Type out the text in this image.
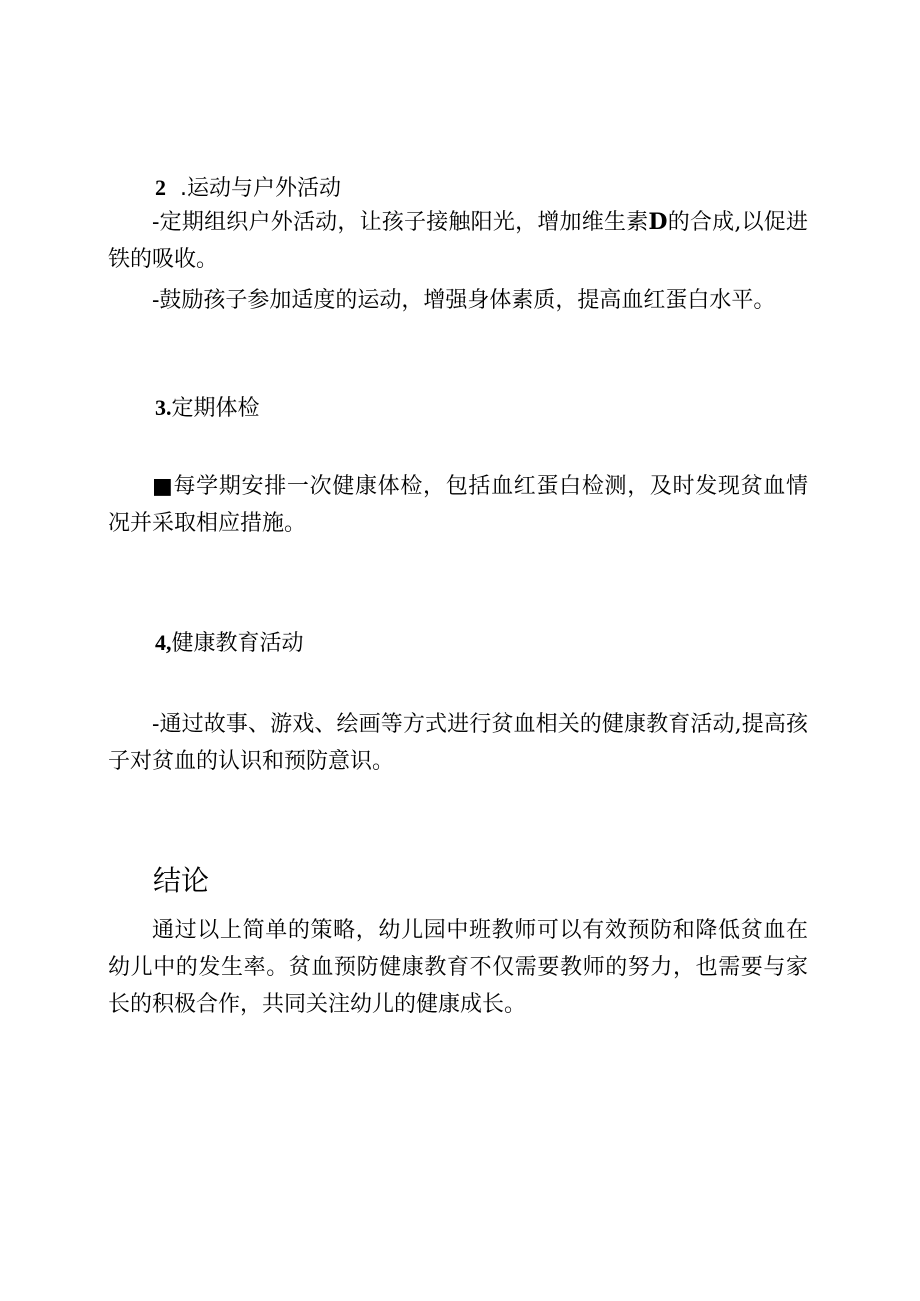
2 .运动与户外活动

-定期组织户外活动，让孩子接触阳光，增加维生素D的合成,以促进铁的吸收。

-鼓励孩子参加适度的运动，增强身体素质，提高血红蛋白水平。

3.定期体检

■每学期安排一次健康体检，包括血红蛋白检测，及时发现贫血情况并采取相应措施。

4,健康教育活动

-通过故事、游戏、绘画等方式进行贫血相关的健康教育活动,提高孩子对贫血的认识和预防意识。

结论

通过以上简单的策略，幼儿园中班教师可以有效预防和降低贫血在幼儿中的发生率。贫血预防健康教育不仅需要教师的努力，也需要与家长的积极合作，共同关注幼儿的健康成长。
